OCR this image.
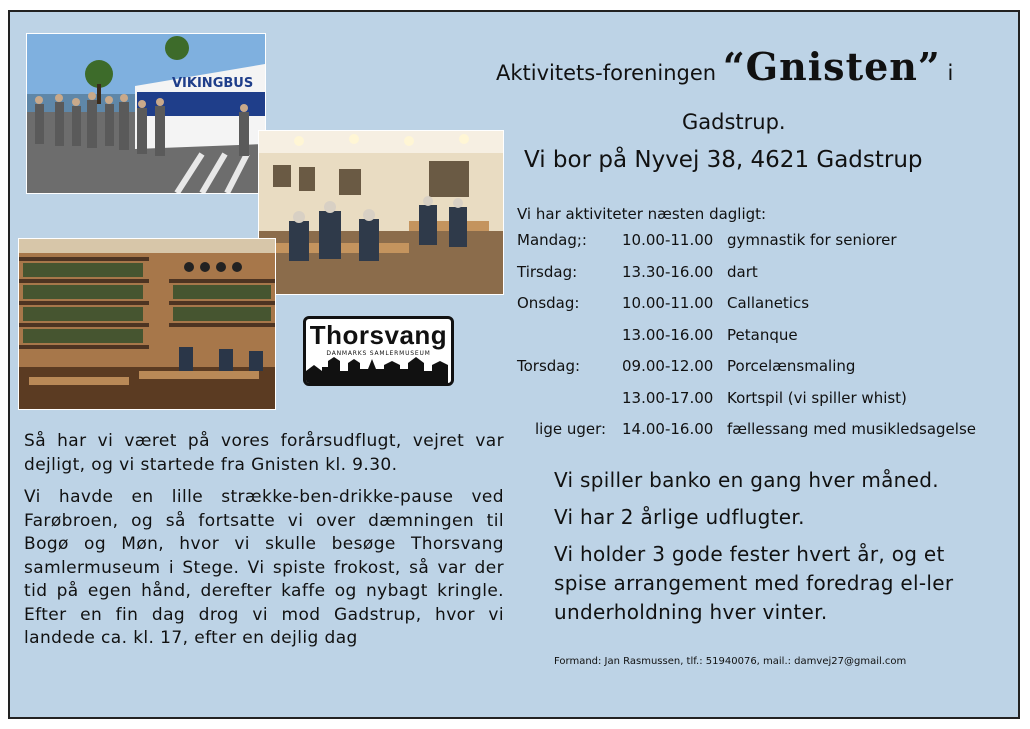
VIKINGBUS
Thorsvang
DANMARKS SAMLERMUSEUM
Aktivitets-foreningen “Gnisten” i
Gadstrup.
Vi bor på Nyvej 38, 4621 Gadstrup
Vi har aktiviteter næsten dagligt:
Mandag;: 10.00-11.00 gymnastik for seniorer
Tirsdag:	13.30-16.00 dart
Onsdag:	10.00-11.00 Callanetics
13.00-16.00 Petanque
Torsdag:	09.00-12.00 Porcelænsmaling
13.00-17.00 Kortspil (vi spiller whist)
lige uger: 14.00-16.00 fællessang med musikledsagelse

Vi spiller banko en gang hver måned.

Vi har 2 årlige udflugter.

Vi holder 3 gode fester hvert år, og et spise arrangement med foredrag el-ler underholdning hver vinter.

Formand: Jan Rasmussen, tlf.: 51940076, mail.: damvej27@gmail.com

Så har vi været på vores forårsudflugt, vejret var dejligt, og vi startede fra Gnisten kl. 9.30.

Vi havde en lille strække-ben-drikke-pause ved Farøbroen, og så fortsatte vi over dæmningen til Bogø og Møn, hvor vi skulle besøge Thorsvang samlermuseum i Stege. Vi spiste frokost, så var der tid på egen hånd, derefter kaffe og nybagt kringle. Efter en fin dag drog vi mod Gadstrup, hvor vi landede ca. kl. 17, efter en dejlig dag
